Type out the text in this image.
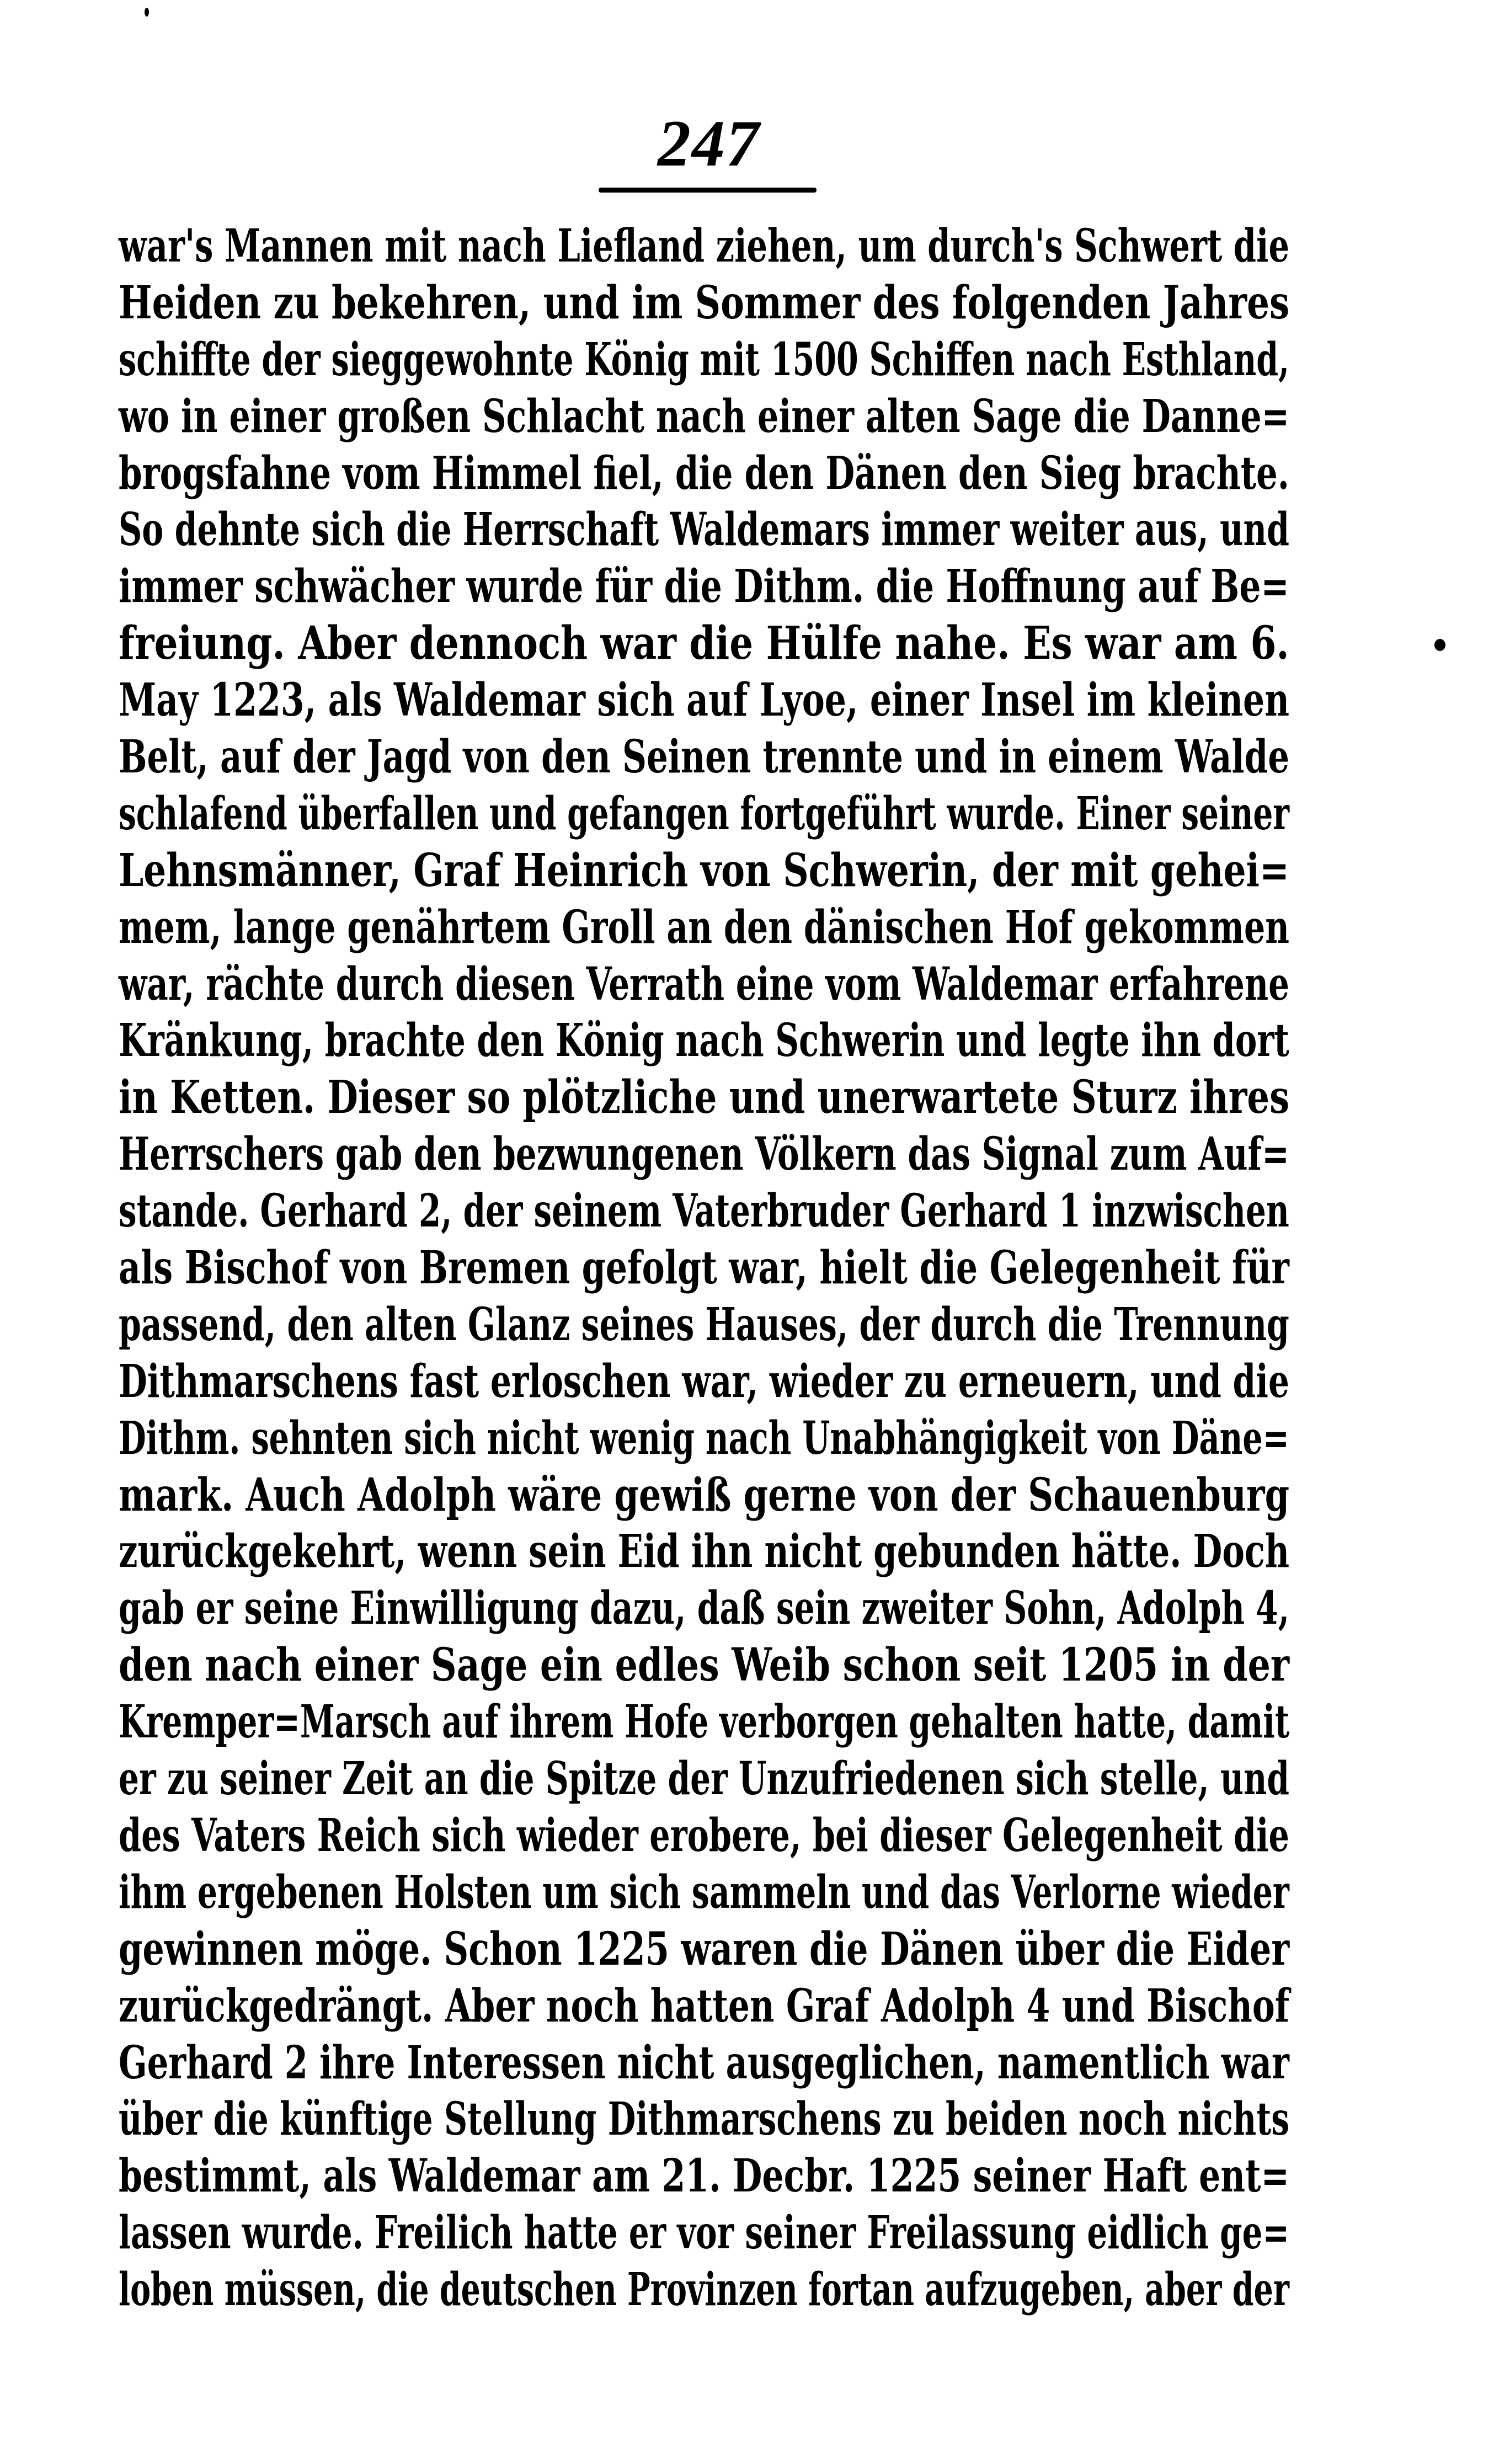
247
war's Mannen mit nach Liefland ziehen, um durch's Schwert die
Heiden zu bekehren, und im Sommer des folgenden Jahres
schiffte der sieggewohnte König mit 1500 Schiffen nach Esthland,
wo in einer großen Schlacht nach einer alten Sage die Danne=
brogsfahne vom Himmel fiel, die den Dänen den Sieg brachte.
So dehnte sich die Herrschaft Waldemars immer weiter aus, und
immer schwächer wurde für die Dithm. die Hoffnung auf Be=
freiung. Aber dennoch war die Hülfe nahe. Es war am 6.
May 1223, als Waldemar sich auf Lyoe, einer Insel im kleinen
Belt, auf der Jagd von den Seinen trennte und in einem Walde
schlafend überfallen und gefangen fortgeführt wurde. Einer seiner
Lehnsmänner, Graf Heinrich von Schwerin, der mit gehei=
mem, lange genährtem Groll an den dänischen Hof gekommen
war, rächte durch diesen Verrath eine vom Waldemar erfahrene
Kränkung, brachte den König nach Schwerin und legte ihn dort
in Ketten. Dieser so plötzliche und unerwartete Sturz ihres
Herrschers gab den bezwungenen Völkern das Signal zum Auf=
stande. Gerhard 2, der seinem Vaterbruder Gerhard 1 inzwischen
als Bischof von Bremen gefolgt war, hielt die Gelegenheit für
passend, den alten Glanz seines Hauses, der durch die Trennung
Dithmarschens fast erloschen war, wieder zu erneuern, und die
Dithm. sehnten sich nicht wenig nach Unabhängigkeit von Däne=
mark. Auch Adolph wäre gewiß gerne von der Schauenburg
zurückgekehrt, wenn sein Eid ihn nicht gebunden hätte. Doch
gab er seine Einwilligung dazu, daß sein zweiter Sohn, Adolph 4,
den nach einer Sage ein edles Weib schon seit 1205 in der
Kremper=Marsch auf ihrem Hofe verborgen gehalten hatte, damit
er zu seiner Zeit an die Spitze der Unzufriedenen sich stelle, und
des Vaters Reich sich wieder erobere, bei dieser Gelegenheit die
ihm ergebenen Holsten um sich sammeln und das Verlorne wieder
gewinnen möge. Schon 1225 waren die Dänen über die Eider
zurückgedrängt. Aber noch hatten Graf Adolph 4 und Bischof
Gerhard 2 ihre Interessen nicht ausgeglichen, namentlich war
über die künftige Stellung Dithmarschens zu beiden noch nichts
bestimmt, als Waldemar am 21. Decbr. 1225 seiner Haft ent=
lassen wurde. Freilich hatte er vor seiner Freilassung eidlich ge=
loben müssen, die deutschen Provinzen fortan aufzugeben, aber der
